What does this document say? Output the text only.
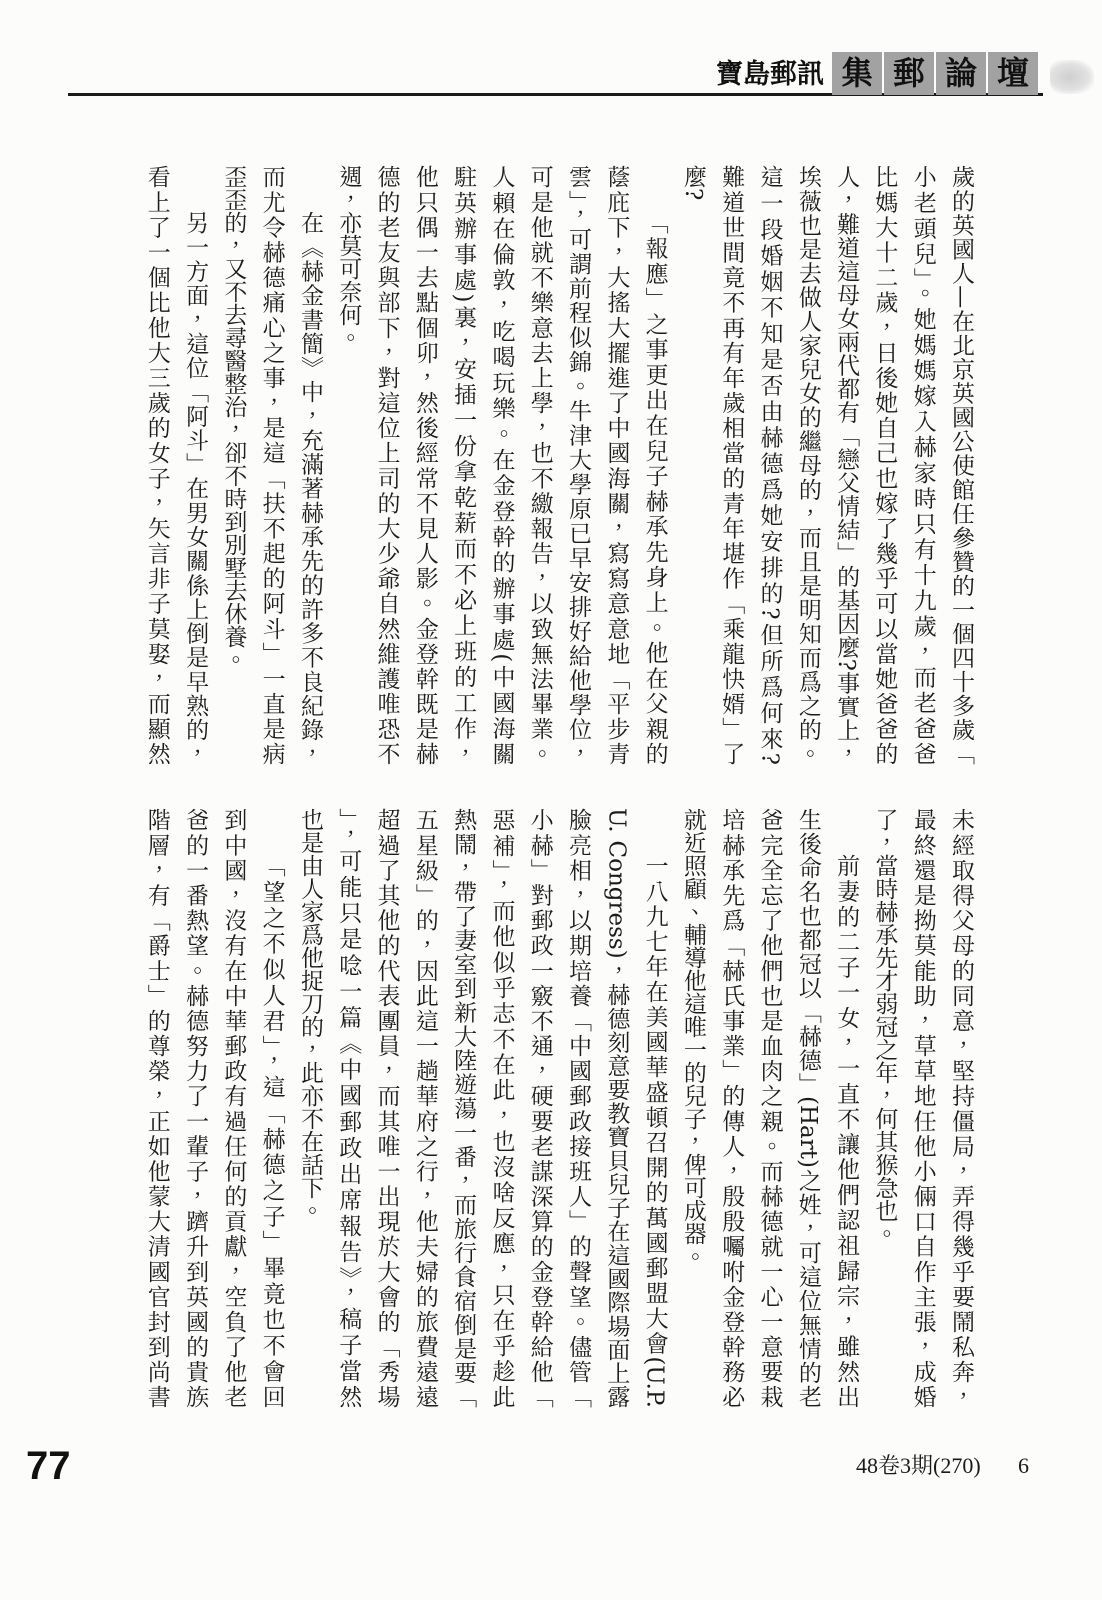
寶島郵訊 集 郵 論 壇
歲的英國人—在北京英國公使館任參贊的一個四十多歲「
小老頭兒」。她媽媽嫁入赫家時只有十九歲，而老爸爸
比媽大十二歲，日後她自己也嫁了幾乎可以當她爸爸的
人，難道這母女兩代都有「戀父情結」的基因麼?事實上，
埃薇也是去做人家兒女的繼母的，而且是明知而爲之的。
這一段婚姻不知是否由赫德爲她安排的?但所爲何來?
難道世間竟不再有年歲相當的青年堪作「乘龍快婿」了
麼?
「報應」之事更出在兒子赫承先身上。他在父親的
蔭庇下，大搖大擺進了中國海關，寫寫意意地「平步青
雲」，可謂前程似錦。牛津大學原已早安排好給他學位，
可是他就不樂意去上學，也不繳報告，以致無法畢業。
人賴在倫敦，吃喝玩樂。在金登幹的辦事處(中國海關
駐英辦事處)裏，安插一份拿乾薪而不必上班的工作，
他只偶一去點個卯，然後經常不見人影。金登幹既是赫
德的老友與部下，對這位上司的大少爺自然維護唯恐不
週，亦莫可奈何。
在《赫金書簡》中，充滿著赫承先的許多不良紀錄，
而尤令赫德痛心之事，是這「扶不起的阿斗」一直是病
歪歪的，又不去尋醫整治，卻不時到別墅去休養。
另一方面，這位「阿斗」在男女關係上倒是早熟的，
看上了一個比他大三歲的女子，矢言非子莫娶，而顯然
未經取得父母的同意，堅持僵局，弄得幾乎要鬧私奔，
最終還是拗莫能助，草草地任他小倆口自作主張，成婚
了，當時赫承先才弱冠之年，何其猴急也。
前妻的二子一女，一直不讓他們認祖歸宗，雖然出
生後命名也都冠以「赫德」(Hart)之姓，可這位無情的老
爸完全忘了他們也是血肉之親。而赫德就一心一意要栽
培赫承先爲「赫氏事業」的傳人，殷殷囑咐金登幹務必
就近照顧、輔導他這唯一的兒子，俾可成器。
一八九七年在美國華盛頓召開的萬國郵盟大會(U.P.
U. Congress)，赫德刻意要教寶貝兒子在這國際場面上露
臉亮相，以期培養「中國郵政接班人」的聲望。儘管「
小赫」對郵政一竅不通，硬要老謀深算的金登幹給他「
惡補」，而他似乎志不在此，也沒啥反應，只在乎趁此
熱鬧，帶了妻室到新大陸遊蕩一番，而旅行食宿倒是要「
五星級」的，因此這一趟華府之行，他夫婦的旅費遠遠
超過了其他的代表團員，而其唯一出現於大會的「秀場
」，可能只是唸一篇《中國郵政出席報告》，稿子當然
也是由人家爲他捉刀的，此亦不在話下。
「望之不似人君」，這「赫德之子」畢竟也不會回
到中國，沒有在中華郵政有過任何的貢獻，空負了他老
爸的一番熱望。赫德努力了一輩子，躋升到英國的貴族
階層，有「爵士」的尊榮，正如他蒙大清國官封到尚書
77	48卷3期(270) 6
